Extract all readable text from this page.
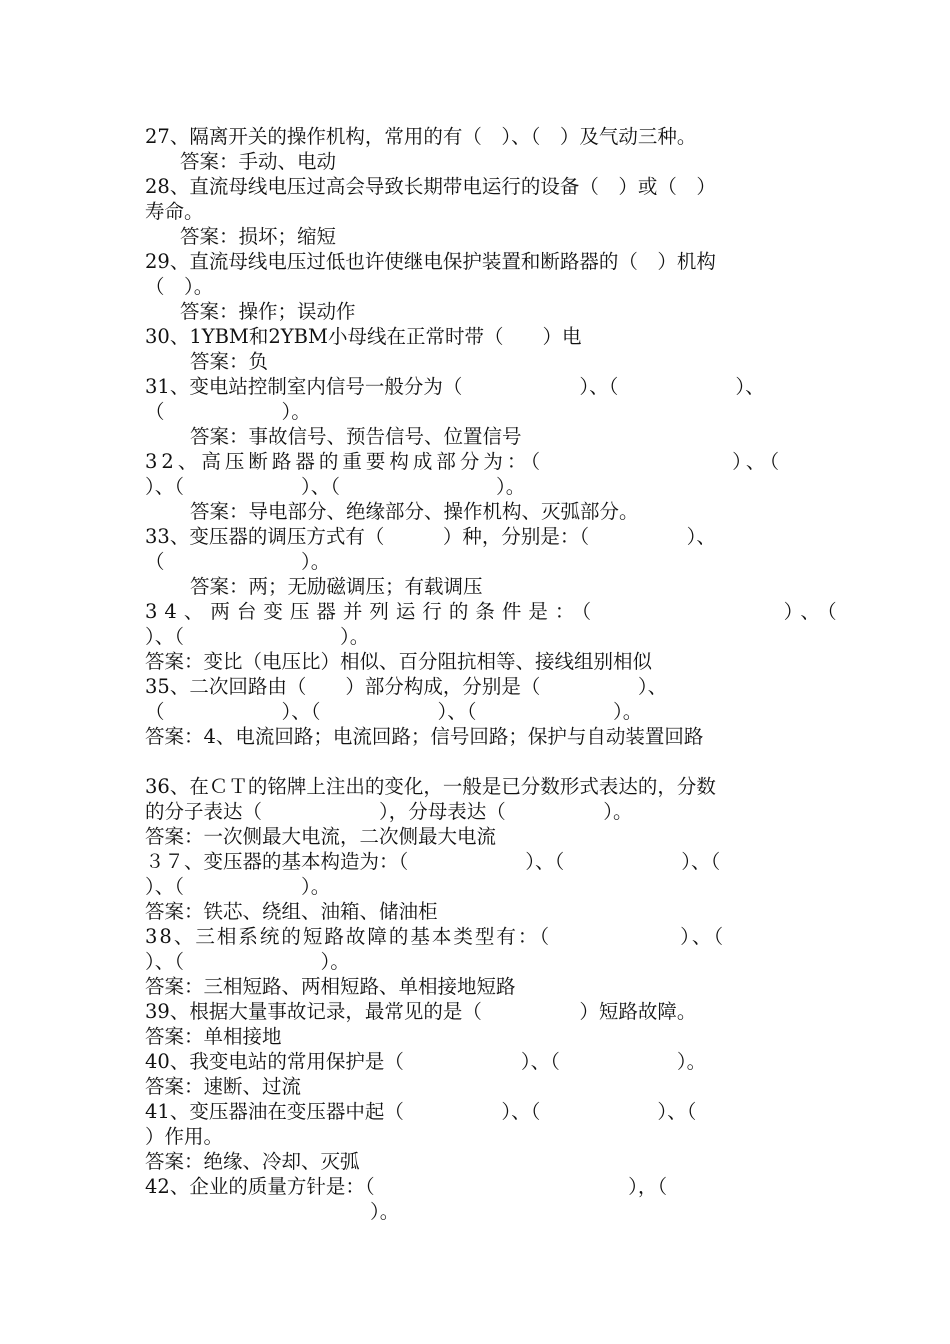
27、隔离开关的操作机构，常用的有（　）、（　）及气动三种。
答案：手动、电动
28、直流母线电压过高会导致长期带电运行的设备（　）或（　）
寿命。
答案：损坏；缩短
29、直流母线电压过低也许使继电保护装置和断路器的（　）机构
（　）。
答案：操作；误动作
30、1YBM和2YBM小母线在正常时带（　　）电
答案：负
31、变电站控制室内信号一般分为（　　　　　　）、（　　　　　　）、
（　　　　　　）。
答案：事故信号、预告信号、位置信号
32、高压断路器的重要构成部分为：（　　　　　　　　）、（
）、（　　　　　　）、（　　　　　　　　）。
答案：导电部分、绝缘部分、操作机构、灭弧部分。
33、变压器的调压方式有（　　　）种，分别是：（　　　　　）、
（　　　　　　　）。
答案：两；无励磁调压；有载调压
34、两台变压器并列运行的条件是：（　　　　　　　）、（
）、（　　　　　　　　）。
答案：变比（电压比）相似、百分阻抗相等、接线组别相似
35、二次回路由（　　）部分构成，分别是（　　　　　）、
（　　　　　　）、（　　　　　　）、（　　　　　　　）。
答案：4、电流回路；电流回路；信号回路；保护与自动装置回路
36、在ＣＴ的铭牌上注出的变化，一般是已分数形式表达的，分数
的分子表达（　　　　　　），分母表达（　　　　　）。
答案：一次侧最大电流，二次侧最大电流
３７、变压器的基本构造为：（　　　　　　）、（　　　　　　）、（
）、（　　　　　　）。
答案：铁芯、绕组、油箱、储油柜
38、三相系统的短路故障的基本类型有：（　　　　　　）、（
）、（　　　　　　　）。
答案：三相短路、两相短路、单相接地短路
39、根据大量事故记录，最常见的是（　　　　　）短路故障。
答案：单相接地
40、我变电站的常用保护是（　　　　　　）、（　　　　　　）。
答案：速断、过流
41、变压器油在变压器中起（　　　　　）、（　　　　　　）、（
）作用。
答案：绝缘、冷却、灭弧
42、企业的质量方针是：（　　　　　　　　　　　　　），（
）。
